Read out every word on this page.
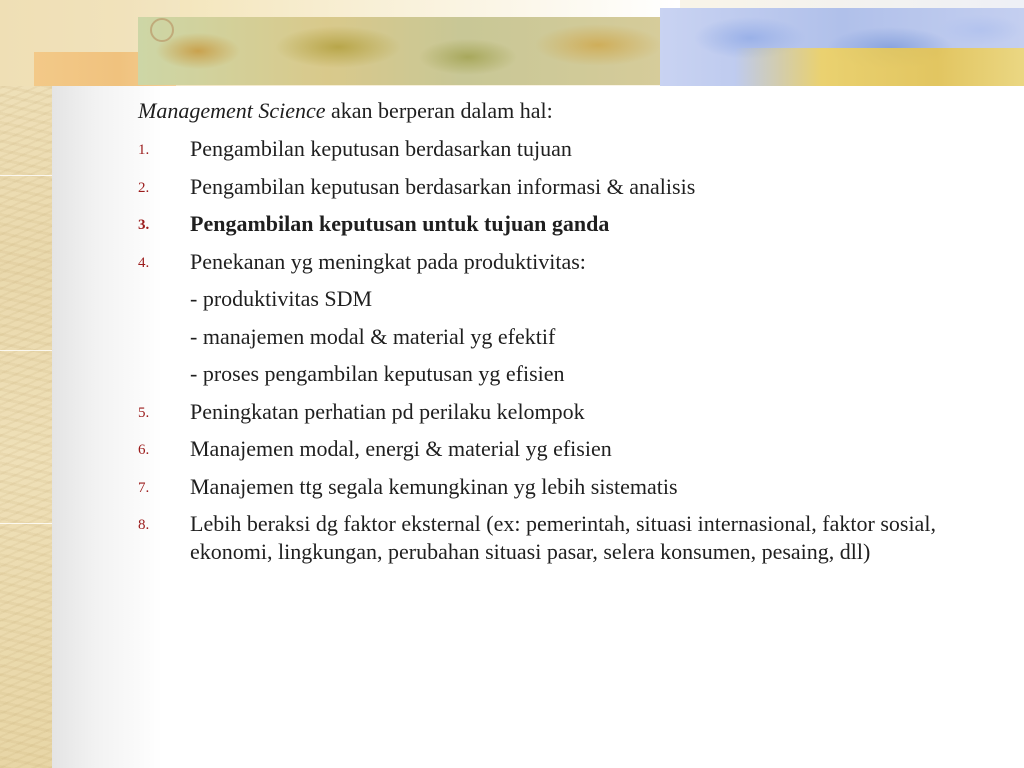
Management Science akan berperan dalam hal:
1. Pengambilan keputusan berdasarkan tujuan
2. Pengambilan keputusan berdasarkan informasi & analisis
3. Pengambilan keputusan untuk tujuan ganda
4. Penekanan yg meningkat pada produktivitas:
- produktivitas SDM
- manajemen modal & material yg efektif
- proses pengambilan keputusan yg efisien
5. Peningkatan perhatian pd perilaku kelompok
6. Manajemen modal, energi & material yg efisien
7. Manajemen ttg segala kemungkinan yg lebih sistematis
8. Lebih beraksi dg faktor eksternal (ex: pemerintah, situasi internasional, faktor sosial, ekonomi, lingkungan, perubahan situasi pasar, selera konsumen, pesaing, dll)
